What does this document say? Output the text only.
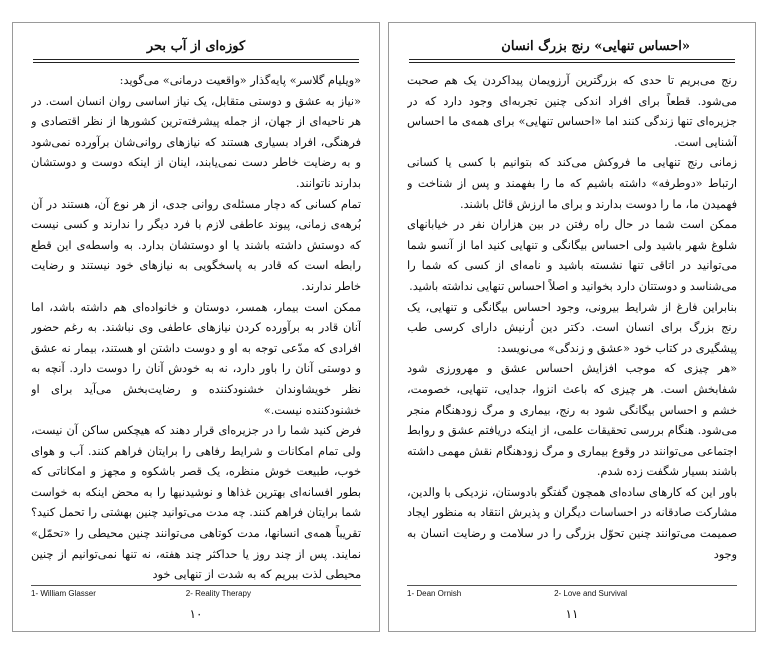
کوزه‌ای از آب بحر

«ویلیام گلاسر» پایه‌گذار «واقعیت درمانی» می‌گوید:

«نیاز به عشق و دوستی متقابل، یک نیاز اساسی روان انسان است. در هر ناحیه‌ای از جهان، از جمله پیشرفته‌ترین کشورها از نظر اقتصادی و فرهنگی، افراد بسیاری هستند که نیازهای روانی‌شان برآورده نمی‌شود و به رضایت خاطر دست نمی‌یابند، اینان از اینکه دوست و دوستشان بدارند ناتوانند.

تمام کسانی که دچار مسئله‌ی روانی جدی، از هر نوع آن، هستند در آن بُرهه‌ی زمانی، پیوند عاطفی لازم با فرد دیگر را ندارند و کسی نیست که دوستش داشته باشند یا او دوستشان بدارد. به واسطه‌ی این قطع رابطه است که قادر به پاسخگویی به نیازهای خود نیستند و رضایت خاطر ندارند.

ممکن است بیمار، همسر، دوستان و خانواده‌ای هم داشته باشد، اما آنان قادر به برآورده کردن نیازهای عاطفی وی نباشند. به رغم حضور افرادی که مدّعی توجه به او و دوست داشتن او هستند، بیمار نه عشق و دوستی آنان را باور دارد، نه به خودش آنان را دوست دارد. آنچه به نظر خویشاوندان خشنودکننده و رضایت‌بخش می‌آید برای او خشنودکننده نیست.»

فرض کنید شما را در جزیره‌ای قرار دهند که هیچکس ساکن آن نیست، ولی تمام امکانات و شرایط رفاهی را برایتان فراهم کنند. آب و هوای خوب، طبیعت خوش منظره، یک قصر باشکوه و مجهز و امکاناتی که بطور افسانه‌ای بهترین غذاها و نوشیدنیها را به محض اینکه به خواست شما برایتان فراهم کنند. چه مدت می‌توانید چنین بهشتی را تحمل کنید؟ تقریباً همه‌ی انسانها، مدت کوتاهی می‌توانند چنین محیطی را «تحمّل» نمایند. پس از چند روز یا حداکثر چند هفته، نه تنها نمی‌توانیم از چنین محیطی لذت ببریم که به شدت از تنهایی خود

1- William Glasser	2- Reality Therapy
۱۰
«احساس تنهایی» رنج بزرگ انسان

رنج می‌بریم تا حدی که بزرگترین آرزویمان پیداکردن یک هم صحبت می‌شود. قطعاً برای افراد اندکی چنین تجربه‌ای وجود دارد که در جزیره‌ای تنها زندگی کنند اما «احساس تنهایی» برای همه‌ی ما احساس آشنایی است.

زمانی رنج تنهایی ما فروکش می‌کند که بتوانیم با کسی یا کسانی ارتباط «دوطرفه» داشته باشیم که ما را بفهمند و پس از شناخت و فهمیدن ما، ما را دوست بدارند و برای ما ارزش قائل باشند.

ممکن است شما در حال راه رفتن در بین هزاران نفر در خیابانهای شلوغ شهر باشید ولی احساس بیگانگی و تنهایی کنید اما از آنسو شما می‌توانید در اتاقی تنها نشسته باشید و نامه‌ای از کسی که شما را می‌شناسد و دوستتان دارد بخوانید و اصلاً احساس تنهایی نداشته باشید.

بنابراین فارغ از شرایط بیرونی، وجود احساس بیگانگی و تنهایی، یک رنج بزرگ برای انسان است. دکتر دین اُرنیش دارای کرسی طب پیشگیری در کتاب خود «عشق و زندگی» می‌نویسد:

«هر چیزی که موجب افزایش احساس عشق و مهرورزی شود شفابخش است. هر چیزی که باعث انزوا، جدایی، تنهایی، خصومت، خشم و احساس بیگانگی شود به رنج، بیماری و مرگ زودهنگام منجر می‌شود. هنگام بررسی تحقیقات علمی، از اینکه دریافتم عشق و روابط اجتماعی می‌توانند در وقوع بیماری و مرگ زودهنگام نقش مهمی داشته باشند بسیار شگفت زده شدم.

باور این که کارهای ساده‌ای همچون گفتگو بادوستان، نزدیکی با والدین، مشارکت صادقانه در احساسات دیگران و پذیرش انتقاد به منظور ایجاد صمیمت می‌توانند چنین تحوّل بزرگی را در سلامت و رضایت انسان به وجود

1- Dean Ornish	2- Love and Survival
۱۱
